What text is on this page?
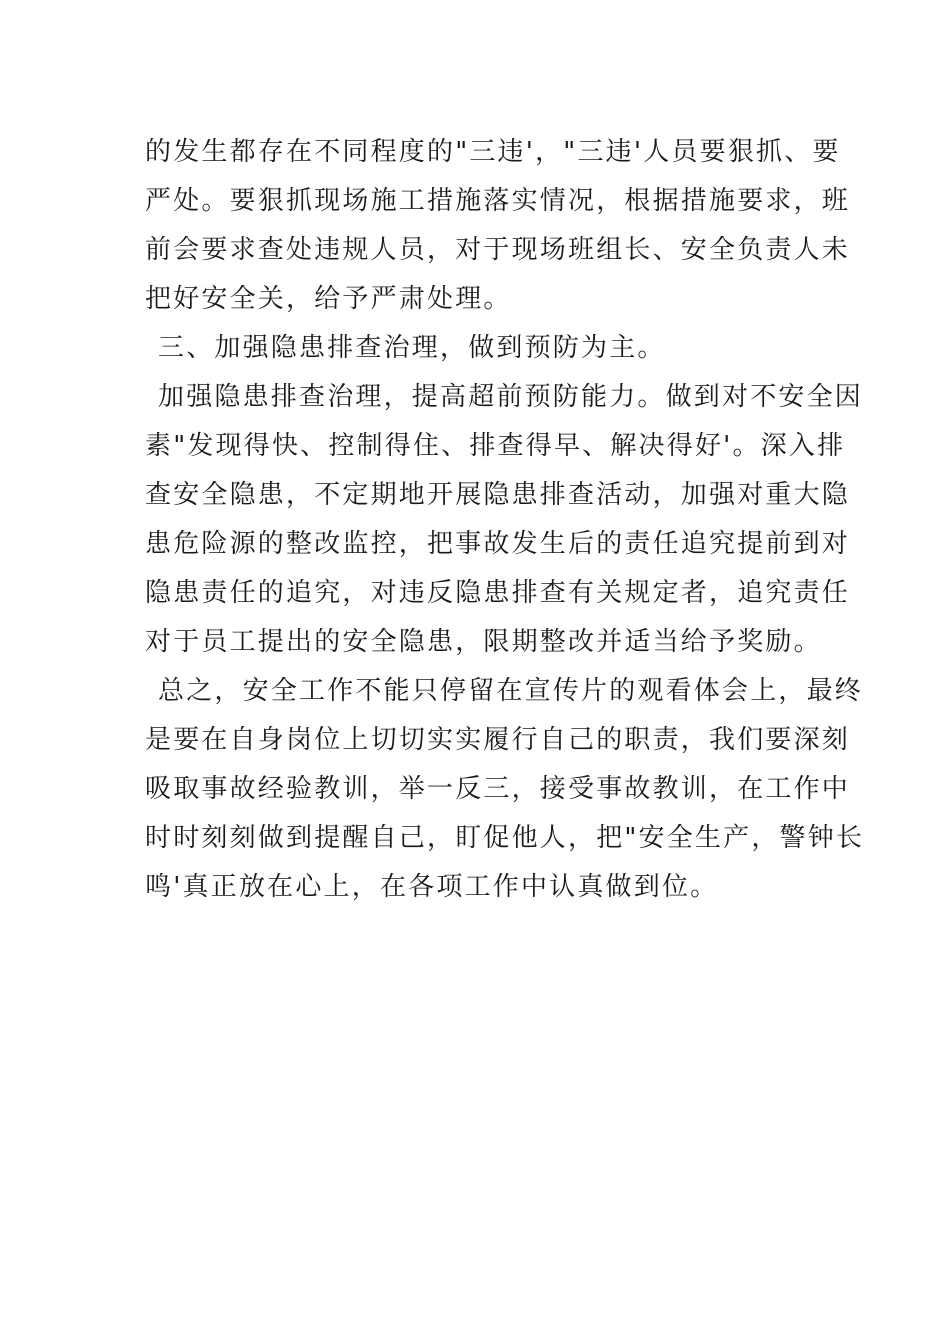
的发生都存在不同程度的"三违'，"三违'人员要狠抓、要
严处。要狠抓现场施工措施落实情况，根据措施要求，班
前会要求查处违规人员，对于现场班组长、安全负责人未
把好安全关，给予严肃处理。
三、加强隐患排查治理，做到预防为主。
加强隐患排查治理，提高超前预防能力。做到对不安全因
素"发现得快、控制得住、排查得早、解决得好'。深入排
查安全隐患，不定期地开展隐患排查活动，加强对重大隐
患危险源的整改监控，把事故发生后的责任追究提前到对
隐患责任的追究，对违反隐患排查有关规定者，追究责任
对于员工提出的安全隐患，限期整改并适当给予奖励。
总之，安全工作不能只停留在宣传片的观看体会上，最终
是要在自身岗位上切切实实履行自己的职责，我们要深刻
吸取事故经验教训，举一反三，接受事故教训，在工作中
时时刻刻做到提醒自己，盯促他人，把"安全生产，警钟长
鸣'真正放在心上，在各项工作中认真做到位。
